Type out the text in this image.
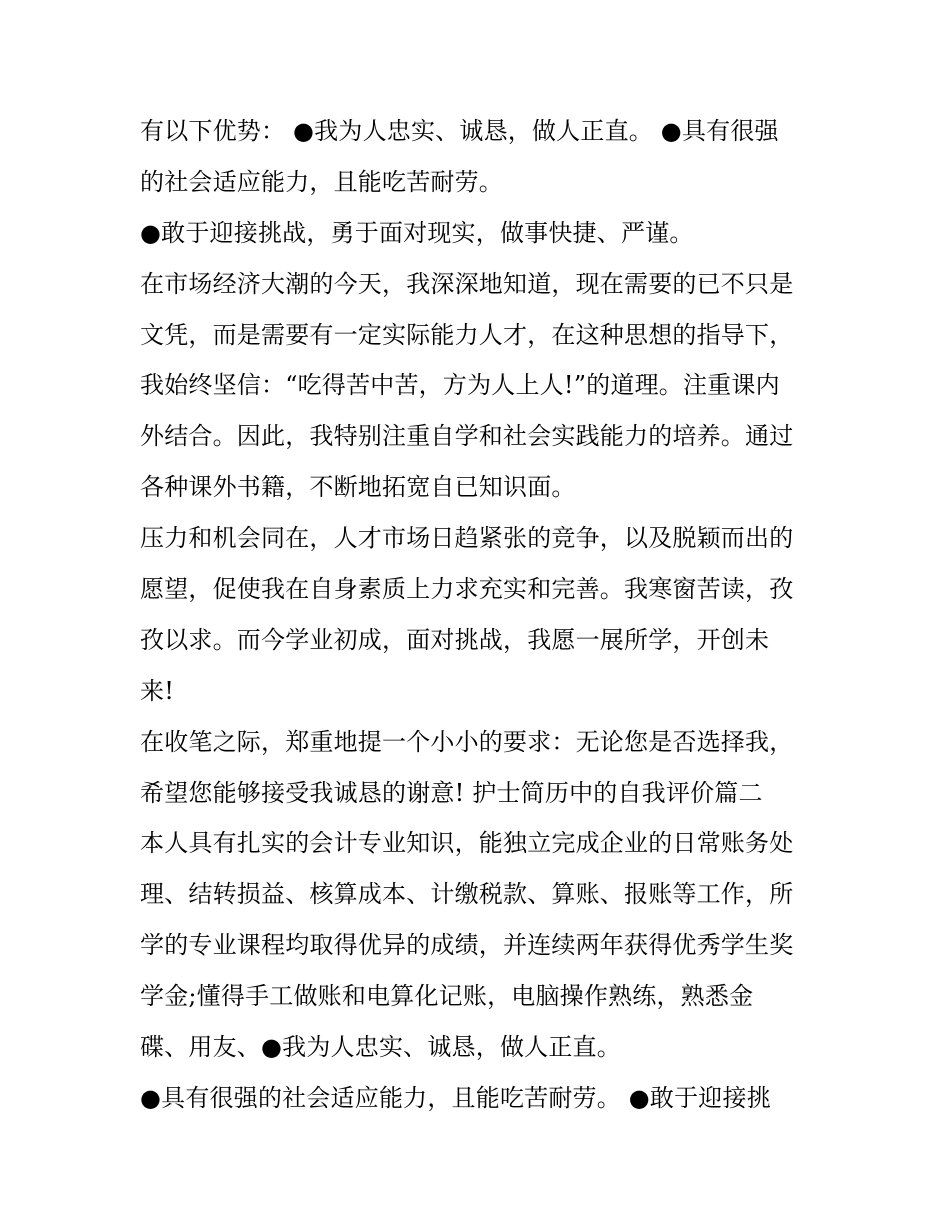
有以下优势： ●我为人忠实、诚恳，做人正直。 ●具有很强
的社会适应能力，且能吃苦耐劳。
●敢于迎接挑战，勇于面对现实，做事快捷、严谨。
在市场经济大潮的今天，我深深地知道，现在需要的已不只是
文凭，而是需要有一定实际能力人才，在这种思想的指导下，
我始终坚信：“吃得苦中苦，方为人上人!”的道理。注重课内
外结合。因此，我特别注重自学和社会实践能力的培养。通过
各种课外书籍，不断地拓宽自已知识面。
压力和机会同在，人才市场日趋紧张的竞争，以及脱颖而出的
愿望，促使我在自身素质上力求充实和完善。我寒窗苦读，孜
孜以求。而今学业初成，面对挑战，我愿一展所学，开创未
来!
在收笔之际，郑重地提一个小小的要求：无论您是否选择我，
希望您能够接受我诚恳的谢意! 护士简历中的自我评价篇二
本人具有扎实的会计专业知识，能独立完成企业的日常账务处
理、结转损益、核算成本、计缴税款、算账、报账等工作，所
学的专业课程均取得优异的成绩，并连续两年获得优秀学生奖
学金;懂得手工做账和电算化记账，电脑操作熟练，熟悉金
碟、用友、●我为人忠实、诚恳，做人正直。
●具有很强的社会适应能力，且能吃苦耐劳。 ●敢于迎接挑
